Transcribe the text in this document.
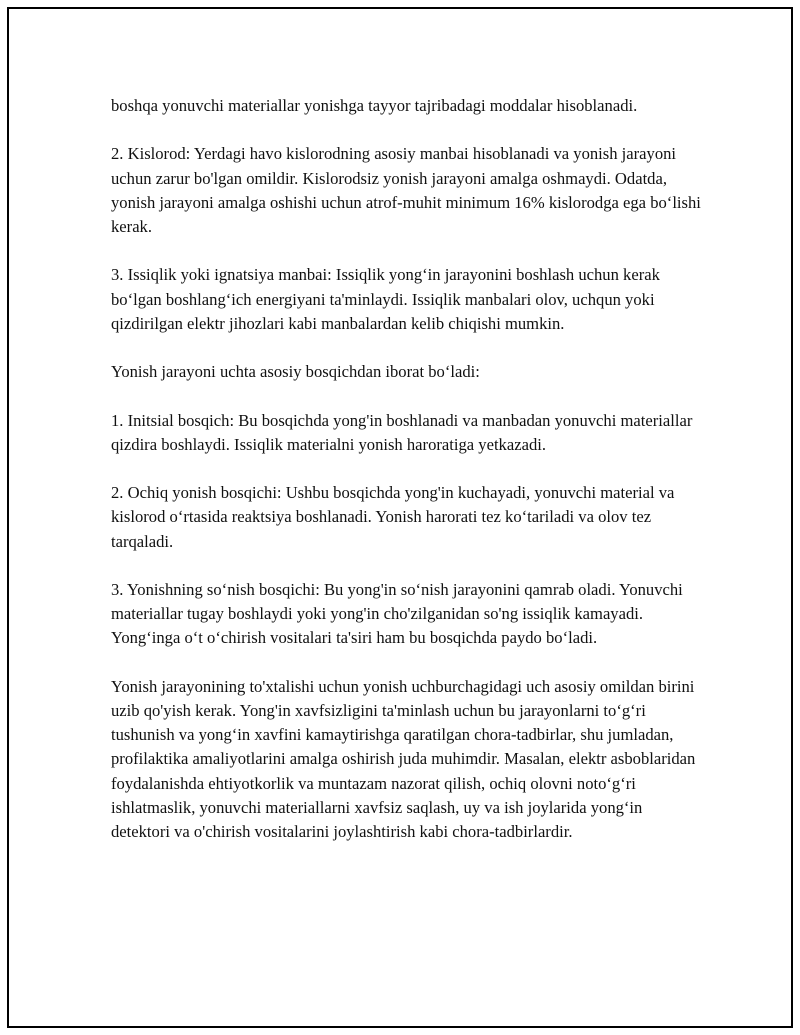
boshqa yonuvchi materiallar yonishga tayyor tajribadagi moddalar hisoblanadi.

2. Kislorod: Yerdagi havo kislorodning asosiy manbai hisoblanadi va yonish jarayoni uchun zarur bo'lgan omildir. Kislorodsiz yonish jarayoni amalga oshmaydi. Odatda, yonish jarayoni amalga oshishi uchun atrof-muhit minimum 16% kislorodga ega bo‘lishi kerak.

3. Issiqlik yoki ignatsiya manbai: Issiqlik yong‘in jarayonini boshlash uchun kerak bo‘lgan boshlang‘ich energiyani ta'minlaydi. Issiqlik manbalari olov, uchqun yoki qizdirilgan elektr jihozlari kabi manbalardan kelib chiqishi mumkin.

Yonish jarayoni uchta asosiy bosqichdan iborat bo‘ladi:

1. Initsial bosqich: Bu bosqichda yong'in boshlanadi va manbadan yonuvchi materiallar qizdira boshlaydi. Issiqlik materialni yonish haroratiga yetkazadi.

2. Ochiq yonish bosqichi: Ushbu bosqichda yong'in kuchayadi, yonuvchi material va kislorod o‘rtasida reaktsiya boshlanadi. Yonish harorati tez ko‘tariladi va olov tez tarqaladi.

3. Yonishning so‘nish bosqichi: Bu yong'in so‘nish jarayonini qamrab oladi. Yonuvchi materiallar tugay boshlaydi yoki yong'in cho'zilganidan so'ng issiqlik kamayadi. Yong‘inga o‘t o‘chirish vositalari ta'siri ham bu bosqichda paydo bo‘ladi.

Yonish jarayonining to'xtalishi uchun yonish uchburchagidagi uch asosiy omildan birini uzib qo'yish kerak. Yong'in xavfsizligini ta'minlash uchun bu jarayonlarni to‘g‘ri tushunish va yong‘in xavfini kamaytirishga qaratilgan chora-tadbirlar, shu jumladan, profilaktika amaliyotlarini amalga oshirish juda muhimdir. Masalan, elektr asboblaridan foydalanishda ehtiyotkorlik va muntazam nazorat qilish, ochiq olovni noto‘g‘ri ishlatmaslik, yonuvchi materiallarni xavfsiz saqlash, uy va ish joylarida yong‘in detektori va o'chirish vositalarini joylashtirish kabi chora-tadbirlardir.
